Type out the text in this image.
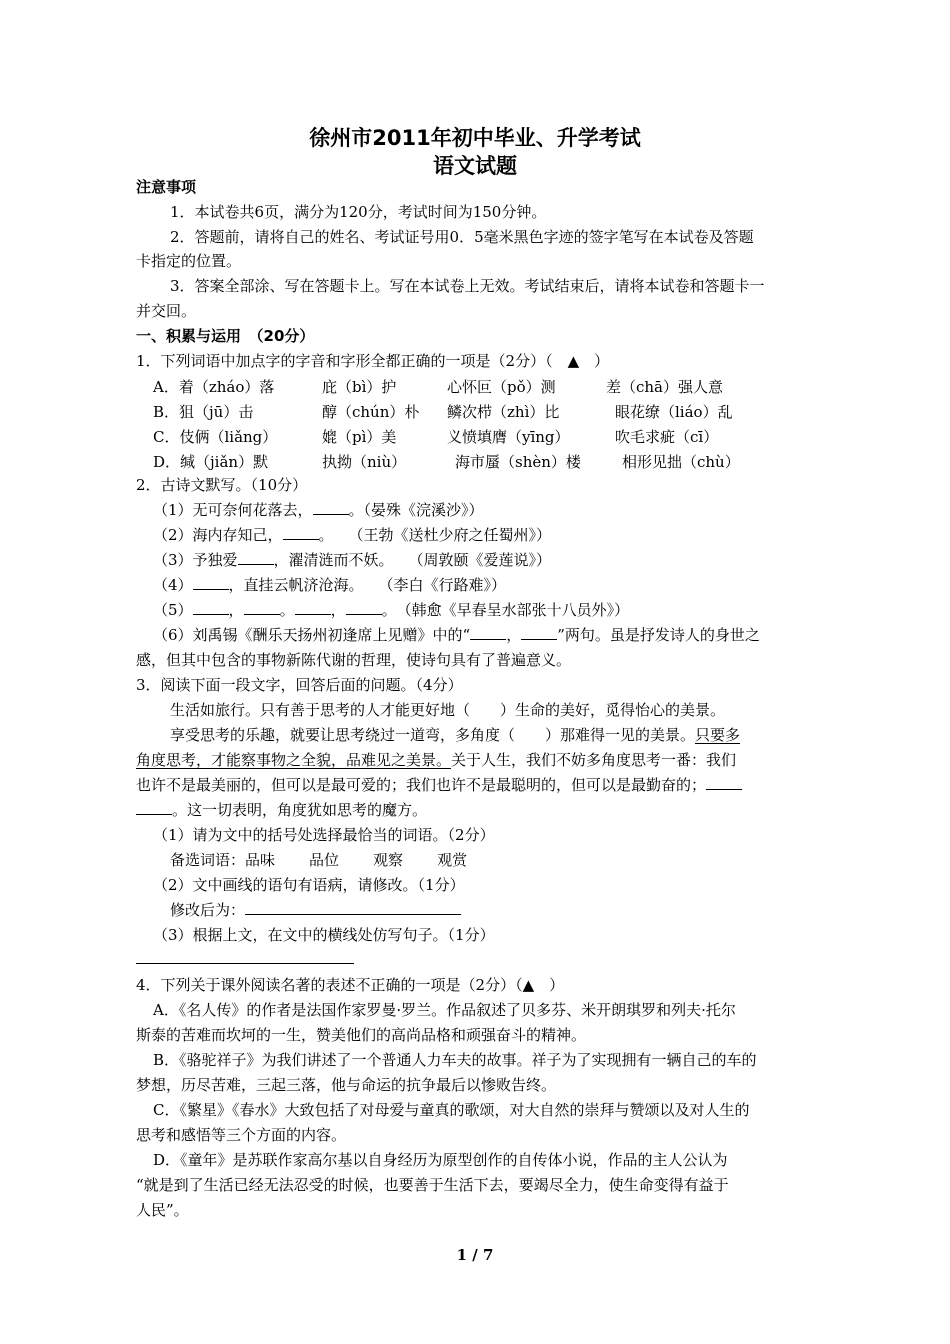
徐州市2011年初中毕业、升学考试
语文试题
注意事项
1．本试卷共6页，满分为120分，考试时间为150分钟。
2．答题前，请将自己的姓名、考试证号用0．5毫米黑色字迹的签字笔写在本试卷及答题
卡指定的位置。
3．答案全部涂、写在答题卡上。写在本试卷上无效。考试结束后，请将本试卷和答题卡一
并交回。
一、积累与运用　（20分）
1．下列词语中加点字的字音和字形全都正确的一项是（2分）（　▲　）
A．着（zháo）落	庇（bì）护	心怀叵（pǒ）测	差（chā）强人意
B．狙（jū）击	醇（chún）朴 鳞次栉（zhì）比	眼花缭（liáo）乱
C．伎俩（liǎng）	媲（pì）美	义愤填膺（yīng）	吹毛求疵（cī）
D．缄（jiǎn）默	执拗（niù）	海市蜃（shèn）楼	相形见拙（chù）
2．古诗文默写。（10分）
（1）无可奈何花落去， 。（晏殊《浣溪沙》）
（2）海内存知己， 。　　（王勃《送杜少府之任蜀州》）
（3）予独爱 ，濯清涟而不妖。　　（周敦颐《爱莲说》）
（4） ，直挂云帆济沧海。　　（李白《行路难》）
（5） ， 。 ， 。　（韩愈《早春呈水部张十八员外》）
（6）刘禹锡《酬乐天扬州初逢席上见赠》中的“ ， ”两句。虽是抒发诗人的身世之
感，但其中包含的事物新陈代谢的哲理，使诗句具有了普遍意义。
3．阅读下面一段文字，回答后面的问题。（4分）
生活如旅行。只有善于思考的人才能更好地（　　）生命的美好，觅得怡心的美景。
享受思考的乐趣，就要让思考绕过一道弯，多角度（　　）那难得一见的美景。只要多
角度思考，才能察事物之全貌，品难见之美景。关于人生，我们不妨多角度思考一番：我们
也许不是最美丽的，但可以是最可爱的；我们也许不是最聪明的，但可以是最勤奋的；
。这一切表明，角度犹如思考的魔方。
（1）请为文中的括号处选择最恰当的词语。（2分）
备选词语：品味 品位 观察 观赏
（2）文中画线的语句有语病，请修改。（1分）
修改后为：
（3）根据上文，在文中的横线处仿写句子。（1分）
4．下列关于课外阅读名著的表述不正确的一项是（2分）（▲　）
A．《名人传》的作者是法国作家罗曼·罗兰。作品叙述了贝多芬、米开朗琪罗和列夫·托尔
斯泰的苦难而坎坷的一生，赞美他们的高尚品格和顽强奋斗的精神。
B．《骆驼祥子》为我们讲述了一个普通人力车夫的故事。祥子为了实现拥有一辆自己的车的
梦想，历尽苦难，三起三落，他与命运的抗争最后以惨败告终。
C．《繁星》《春水》大致包括了对母爱与童真的歌颂，对大自然的崇拜与赞颂以及对人生的
思考和感悟等三个方面的内容。
D．《童年》是苏联作家高尔基以自身经历为原型创作的自传体小说，作品的主人公认为
“就是到了生活已经无法忍受的时候，也要善于生活下去，要竭尽全力，使生命变得有益于
人民”。
1 / 7
